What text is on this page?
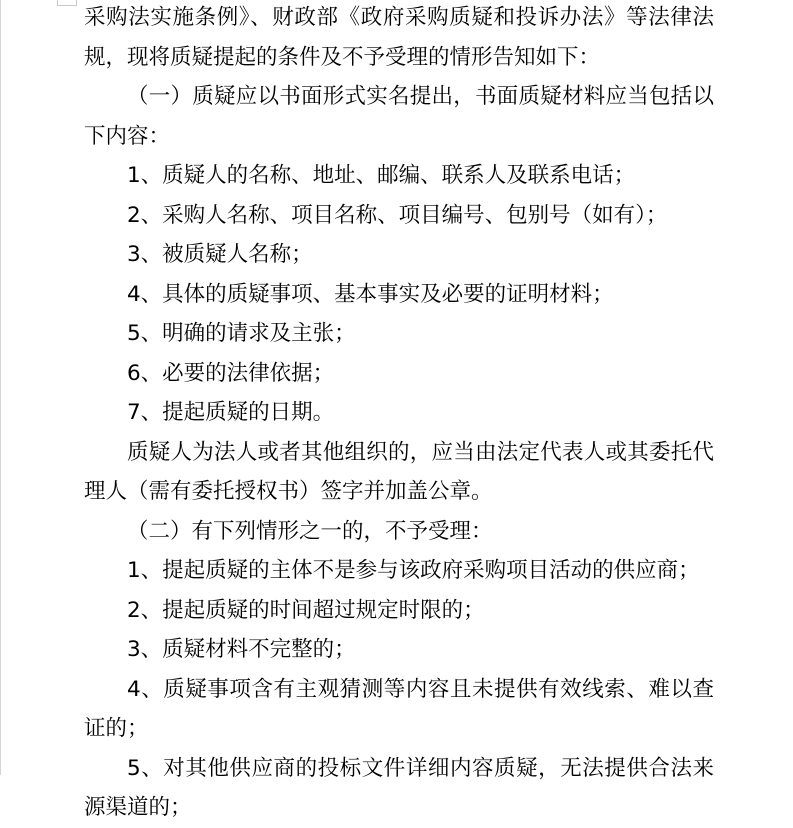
采购法实施条例》、财政部《政府采购质疑和投诉办法》等法律法规，现将质疑提起的条件及不予受理的情形告知如下：

（一）质疑应以书面形式实名提出，书面质疑材料应当包括以下内容：

1、质疑人的名称、地址、邮编、联系人及联系电话；

2、采购人名称、项目名称、项目编号、包别号（如有）；

3、被质疑人名称；

4、具体的质疑事项、基本事实及必要的证明材料；

5、明确的请求及主张；

6、必要的法律依据；

7、提起质疑的日期。

质疑人为法人或者其他组织的，应当由法定代表人或其委托代理人（需有委托授权书）签字并加盖公章。

（二）有下列情形之一的，不予受理：

1、提起质疑的主体不是参与该政府采购项目活动的供应商；

2、提起质疑的时间超过规定时限的；

3、质疑材料不完整的；

4、质疑事项含有主观猜测等内容且未提供有效线索、难以查证的；

5、对其他供应商的投标文件详细内容质疑，无法提供合法来源渠道的；
